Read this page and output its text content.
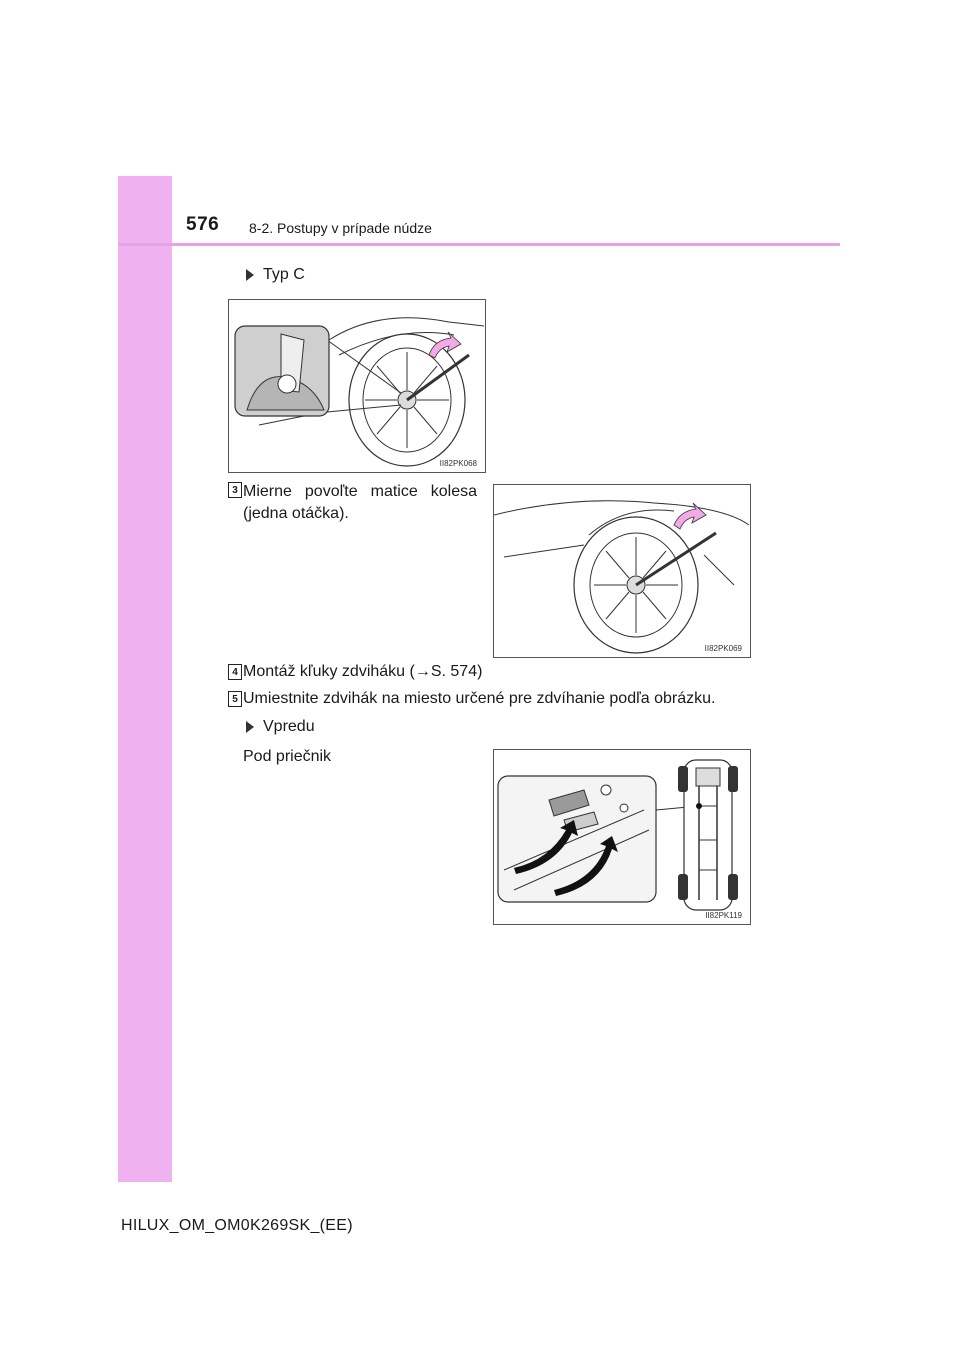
576 8-2. Postupy v prípade núdze
Typ C
II82PK068
3 Mierne povoľte matice kolesa (jedna otáčka).
II82PK069
4 Montáž kľuky zdviháku (→S. 574)
5 Umiestnite zdvihák na miesto určené pre zdvíhanie podľa obrázku.
Vpredu
Pod priečnik
II82PK119
HILUX_OM_OM0K269SK_(EE)
